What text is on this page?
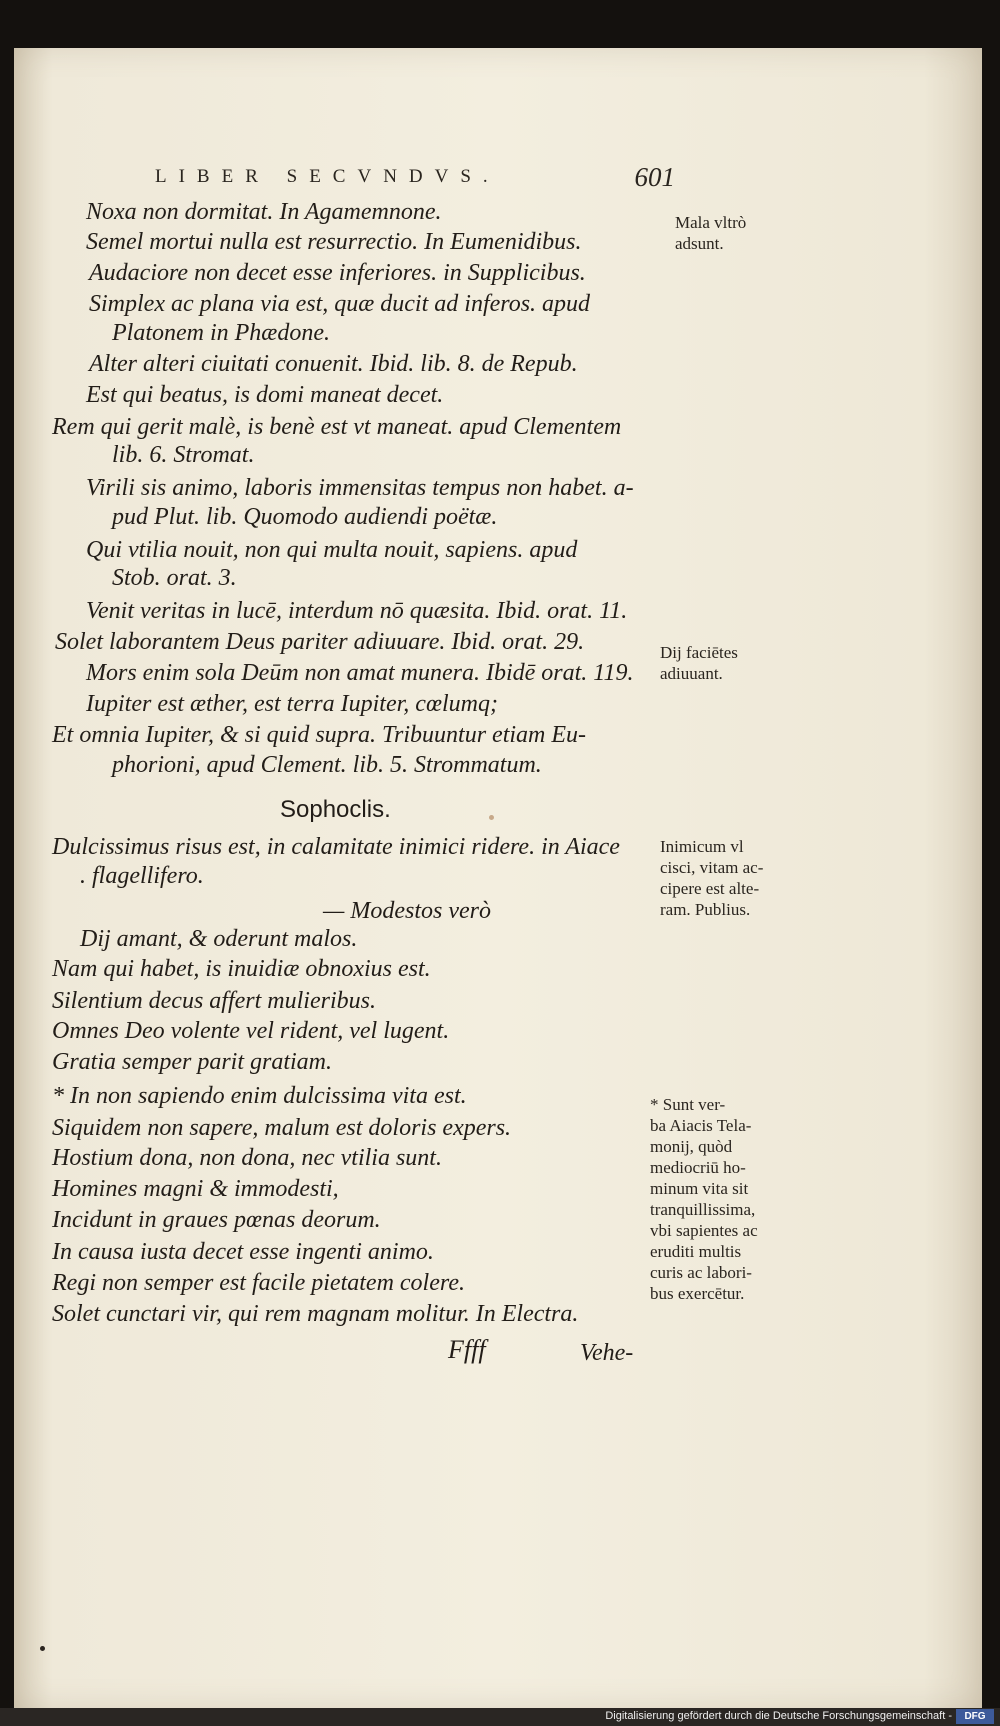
LIBER SECVNDVS.	601
Noxa non dormitat. In Agamemnone.
Semel mortui nulla est resurrectio. In Eumenidibus.
Audaciore non decet esse inferiores. in Supplicibus.
Simplex ac plana via est, quæ ducit ad inferos. apud
Platonem in Phædone.
Alter alteri ciuitati conuenit. Ibid. lib. 8. de Repub.
Est qui beatus, is domi maneat decet.
Rem qui gerit malè, is benè est vt maneat. apud Clementem
lib. 6. Stromat.
Virili sis animo, laboris immensitas tempus non habet. a-
pud Plut. lib. Quomodo audiendi poëtæ.
Qui vtilia nouit, non qui multa nouit, sapiens. apud
Stob. orat. 3.
Venit veritas in lucē, interdum nō quæsita. Ibid. orat. 11.
Solet laborantem Deus pariter adiuuare. Ibid. orat. 29.
Mors enim sola Deūm non amat munera. Ibidē orat. 119.
Iupiter est æther, est terra Iupiter, cœlumq;
Et omnia Iupiter, & si quid supra. Tribuuntur etiam Eu-
phorioni, apud Clement. lib. 5. Strommatum.
Sophoclis.
Dulcissimus risus est, in calamitate inimici ridere. in Aiace
. flagellifero.
— Modestos verò
Dij amant, & oderunt malos.
Nam qui habet, is inuidiæ obnoxius est.
Silentium decus affert mulieribus.
Omnes Deo volente vel rident, vel lugent.
Gratia semper parit gratiam.
* In non sapiendo enim dulcissima vita est.
Siquidem non sapere, malum est doloris expers.
Hostium dona, non dona, nec vtilia sunt.
Homines magni & immodesti,
Incidunt in graues pœnas deorum.
In causa iusta decet esse ingenti animo.
Regi non semper est facile pietatem colere.
Solet cunctari vir, qui rem magnam molitur. In Electra.
Ffff	Vehe-
Mala vltrò
adsunt.
Dij faciētes
adiuuant.
Inimicum vl
cisci, vitam ac-
cipere est alte-
ram. Publius.
* Sunt ver-
ba Aiacis Tela-
monij, quòd
mediocriū ho-
minum vita sit
tranquillissima,
vbi sapientes ac
eruditi multis
curis ac labori-
bus exercētur.
Digitalisierung gefördert durch die Deutsche Forschungsgemeinschaft -	DFG
